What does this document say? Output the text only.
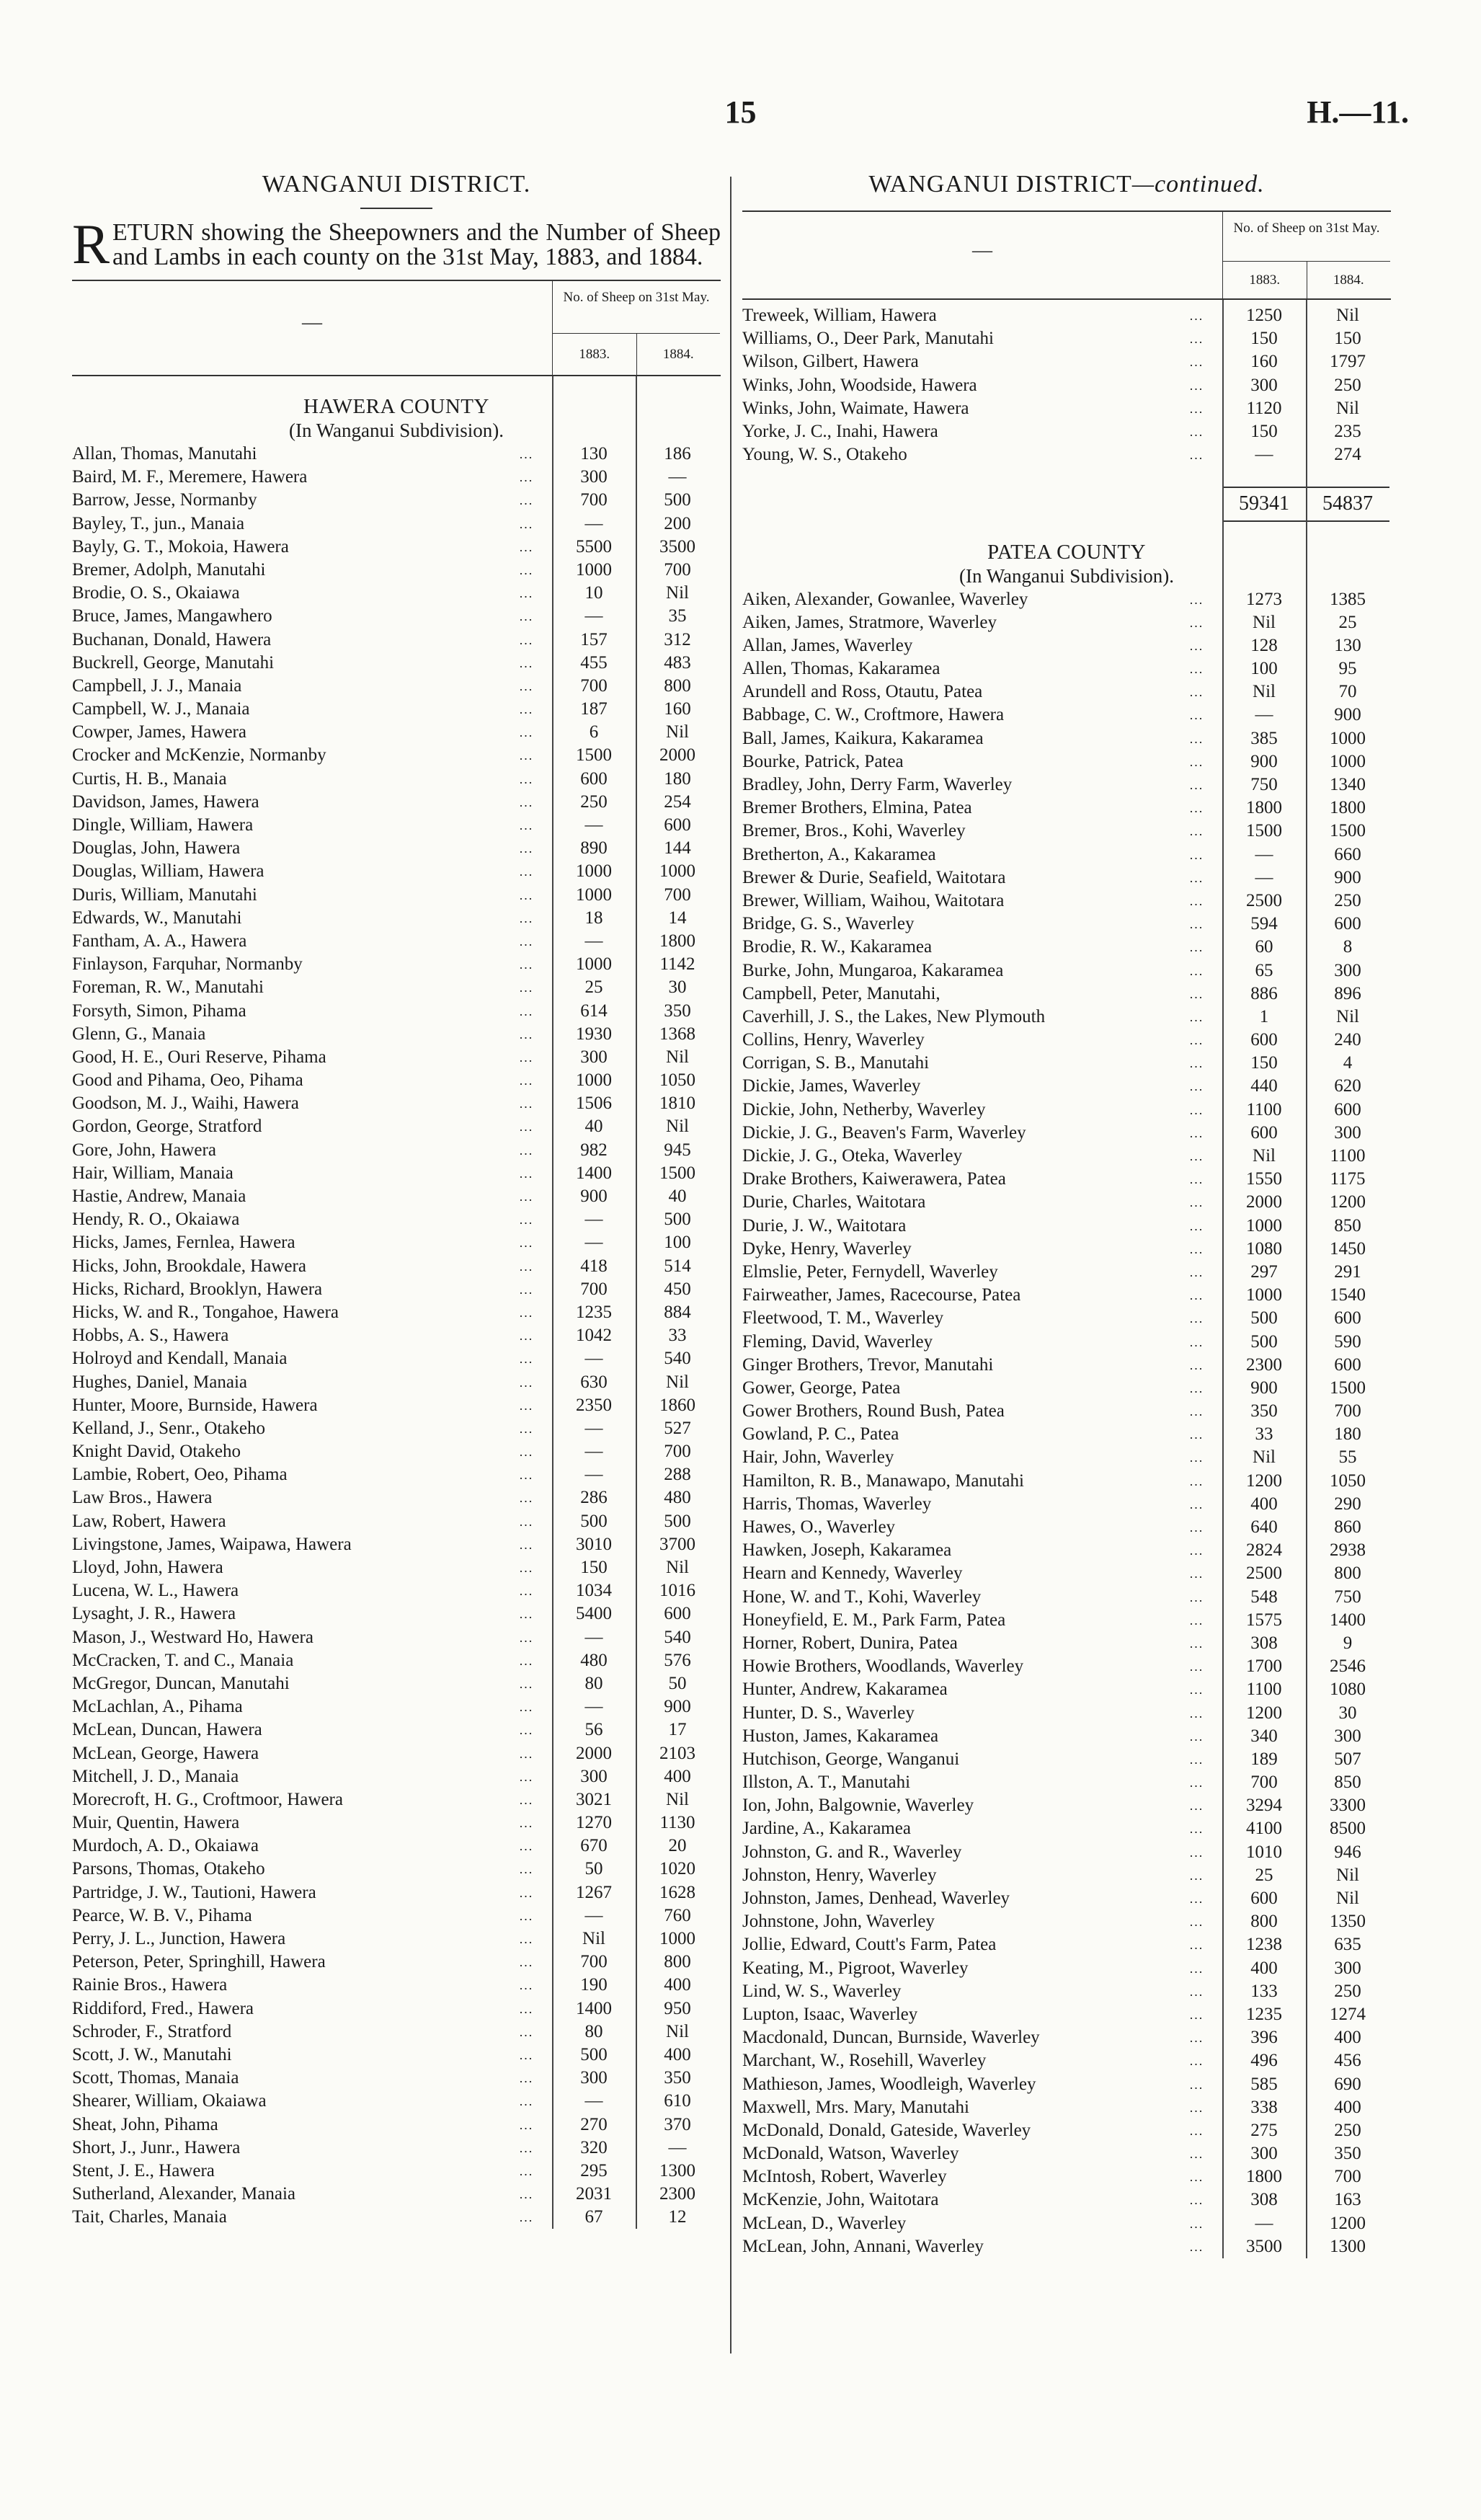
15	H.—11.
WANGANUI DISTRICT.
RETURN showing the Sheepowners and the Number of Sheep and Lambs in each county on the 31st May, 1883, and 1884.
—
No. of Sheep on 31st May.
1883.	1884.
HAWERA COUNTY
(In Wanganui Subdivision).
Allan, Thomas, Manutahi	...	130	186
Baird, M. F., Meremere, Hawera	...	300	—
Barrow, Jesse, Normanby	...	700	500
Bayley, T., jun., Manaia	...	—	200
Bayly, G. T., Mokoia, Hawera	...	5500	3500
Bremer, Adolph, Manutahi	...	1000	700
Brodie, O. S., Okaiawa	...	10	Nil
Bruce, James, Mangawhero	...	—	35
Buchanan, Donald, Hawera	...	157	312
Buckrell, George, Manutahi	...	455	483
Campbell, J. J., Manaia	...	700	800
Campbell, W. J., Manaia	...	187	160
Cowper, James, Hawera	...	6	Nil
Crocker and McKenzie, Normanby	...	1500	2000
Curtis, H. B., Manaia	...	600	180
Davidson, James, Hawera	...	250	254
Dingle, William, Hawera	...	—	600
Douglas, John, Hawera	...	890	144
Douglas, William, Hawera	...	1000	1000
Duris, William, Manutahi	...	1000	700
Edwards, W., Manutahi	...	18	14
Fantham, A. A., Hawera	...	—	1800
Finlayson, Farquhar, Normanby	...	1000	1142
Foreman, R. W., Manutahi	...	25	30
Forsyth, Simon, Pihama	...	614	350
Glenn, G., Manaia	...	1930	1368
Good, H. E., Ouri Reserve, Pihama	...	300	Nil
Good and Pihama, Oeo, Pihama	...	1000	1050
Goodson, M. J., Waihi, Hawera	...	1506	1810
Gordon, George, Stratford	...	40	Nil
Gore, John, Hawera	...	982	945
Hair, William, Manaia	...	1400	1500
Hastie, Andrew, Manaia	...	900	40
Hendy, R. O., Okaiawa	...	—	500
Hicks, James, Fernlea, Hawera	...	—	100
Hicks, John, Brookdale, Hawera	...	418	514
Hicks, Richard, Brooklyn, Hawera	...	700	450
Hicks, W. and R., Tongahoe, Hawera	...	1235	884
Hobbs, A. S., Hawera	...	1042	33
Holroyd and Kendall, Manaia	...	—	540
Hughes, Daniel, Manaia	...	630	Nil
Hunter, Moore, Burnside, Hawera	...	2350	1860
Kelland, J., Senr., Otakeho	...	—	527
Knight David, Otakeho	...	—	700
Lambie, Robert, Oeo, Pihama	...	—	288
Law Bros., Hawera	...	286	480
Law, Robert, Hawera	...	500	500
Livingstone, James, Waipawa, Hawera	...	3010	3700
Lloyd, John, Hawera	...	150	Nil
Lucena, W. L., Hawera	...	1034	1016
Lysaght, J. R., Hawera	...	5400	600
Mason, J., Westward Ho, Hawera	...	—	540
McCracken, T. and C., Manaia	...	480	576
McGregor, Duncan, Manutahi	...	80	50
McLachlan, A., Pihama	...	—	900
McLean, Duncan, Hawera	...	56	17
McLean, George, Hawera	...	2000	2103
Mitchell, J. D., Manaia	...	300	400
Morecroft, H. G., Croftmoor, Hawera	...	3021	Nil
Muir, Quentin, Hawera	...	1270	1130
Murdoch, A. D., Okaiawa	...	670	20
Parsons, Thomas, Otakeho	...	50	1020
Partridge, J. W., Tautioni, Hawera	...	1267	1628
Pearce, W. B. V., Pihama	...	—	760
Perry, J. L., Junction, Hawera	...	Nil	1000
Peterson, Peter, Springhill, Hawera	...	700	800
Rainie Bros., Hawera	...	190	400
Riddiford, Fred., Hawera	...	1400	950
Schroder, F., Stratford	...	80	Nil
Scott, J. W., Manutahi	...	500	400
Scott, Thomas, Manaia	...	300	350
Shearer, William, Okaiawa	...	—	610
Sheat, John, Pihama	...	270	370
Short, J., Junr., Hawera	...	320	—
Stent, J. E., Hawera	...	295	1300
Sutherland, Alexander, Manaia	...	2031	2300
Tait, Charles, Manaia	...	67	12
WANGANUI DISTRICT—continued.
—
No. of Sheep on 31st May.
1883.	1884.
Treweek, William, Hawera	...	1250	Nil
Williams, O., Deer Park, Manutahi	...	150	150
Wilson, Gilbert, Hawera	...	160	1797
Winks, John, Woodside, Hawera	...	300	250
Winks, John, Waimate, Hawera	...	1120	Nil
Yorke, J. C., Inahi, Hawera	...	150	235
Young, W. S., Otakeho	...	—	274
59341	54837
PATEA COUNTY
(In Wanganui Subdivision).
Aiken, Alexander, Gowanlee, Waverley	...	1273	1385
Aiken, James, Stratmore, Waverley	...	Nil	25
Allan, James, Waverley	...	128	130
Allen, Thomas, Kakaramea	...	100	95
Arundell and Ross, Otautu, Patea	...	Nil	70
Babbage, C. W., Croftmore, Hawera	...	—	900
Ball, James, Kaikura, Kakaramea	...	385	1000
Bourke, Patrick, Patea	...	900	1000
Bradley, John, Derry Farm, Waverley	...	750	1340
Bremer Brothers, Elmina, Patea	...	1800	1800
Bremer, Bros., Kohi, Waverley	...	1500	1500
Bretherton, A., Kakaramea	...	—	660
Brewer & Durie, Seafield, Waitotara	...	—	900
Brewer, William, Waihou, Waitotara	...	2500	250
Bridge, G. S., Waverley	...	594	600
Brodie, R. W., Kakaramea	...	60	8
Burke, John, Mungaroa, Kakaramea	...	65	300
Campbell, Peter, Manutahi,	...	886	896
Caverhill, J. S., the Lakes, New Plymouth	...	1	Nil
Collins, Henry, Waverley	...	600	240
Corrigan, S. B., Manutahi	...	150	4
Dickie, James, Waverley	...	440	620
Dickie, John, Netherby, Waverley	...	1100	600
Dickie, J. G., Beaven's Farm, Waverley	...	600	300
Dickie, J. G., Oteka, Waverley	...	Nil	1100
Drake Brothers, Kaiwerawera, Patea	...	1550	1175
Durie, Charles, Waitotara	...	2000	1200
Durie, J. W., Waitotara	...	1000	850
Dyke, Henry, Waverley	...	1080	1450
Elmslie, Peter, Fernydell, Waverley	...	297	291
Fairweather, James, Racecourse, Patea	...	1000	1540
Fleetwood, T. M., Waverley	...	500	600
Fleming, David, Waverley	...	500	590
Ginger Brothers, Trevor, Manutahi	...	2300	600
Gower, George, Patea	...	900	1500
Gower Brothers, Round Bush, Patea	...	350	700
Gowland, P. C., Patea	...	33	180
Hair, John, Waverley	...	Nil	55
Hamilton, R. B., Manawapo, Manutahi	...	1200	1050
Harris, Thomas, Waverley	...	400	290
Hawes, O., Waverley	...	640	860
Hawken, Joseph, Kakaramea	...	2824	2938
Hearn and Kennedy, Waverley	...	2500	800
Hone, W. and T., Kohi, Waverley	...	548	750
Honeyfield, E. M., Park Farm, Patea	...	1575	1400
Horner, Robert, Dunira, Patea	...	308	9
Howie Brothers, Woodlands, Waverley	...	1700	2546
Hunter, Andrew, Kakaramea	...	1100	1080
Hunter, D. S., Waverley	...	1200	30
Huston, James, Kakaramea	...	340	300
Hutchison, George, Wanganui	...	189	507
Illston, A. T., Manutahi	...	700	850
Ion, John, Balgownie, Waverley	...	3294	3300
Jardine, A., Kakaramea	...	4100	8500
Johnston, G. and R., Waverley	...	1010	946
Johnston, Henry, Waverley	...	25	Nil
Johnston, James, Denhead, Waverley	...	600	Nil
Johnstone, John, Waverley	...	800	1350
Jollie, Edward, Coutt's Farm, Patea	...	1238	635
Keating, M., Pigroot, Waverley	...	400	300
Lind, W. S., Waverley	...	133	250
Lupton, Isaac, Waverley	...	1235	1274
Macdonald, Duncan, Burnside, Waverley	...	396	400
Marchant, W., Rosehill, Waverley	...	496	456
Mathieson, James, Woodleigh, Waverley	...	585	690
Maxwell, Mrs. Mary, Manutahi	...	338	400
McDonald, Donald, Gateside, Waverley	...	275	250
McDonald, Watson, Waverley	...	300	350
McIntosh, Robert, Waverley	...	1800	700
McKenzie, John, Waitotara	...	308	163
McLean, D., Waverley	...	—	1200
McLean, John, Annani, Waverley	...	3500	1300
